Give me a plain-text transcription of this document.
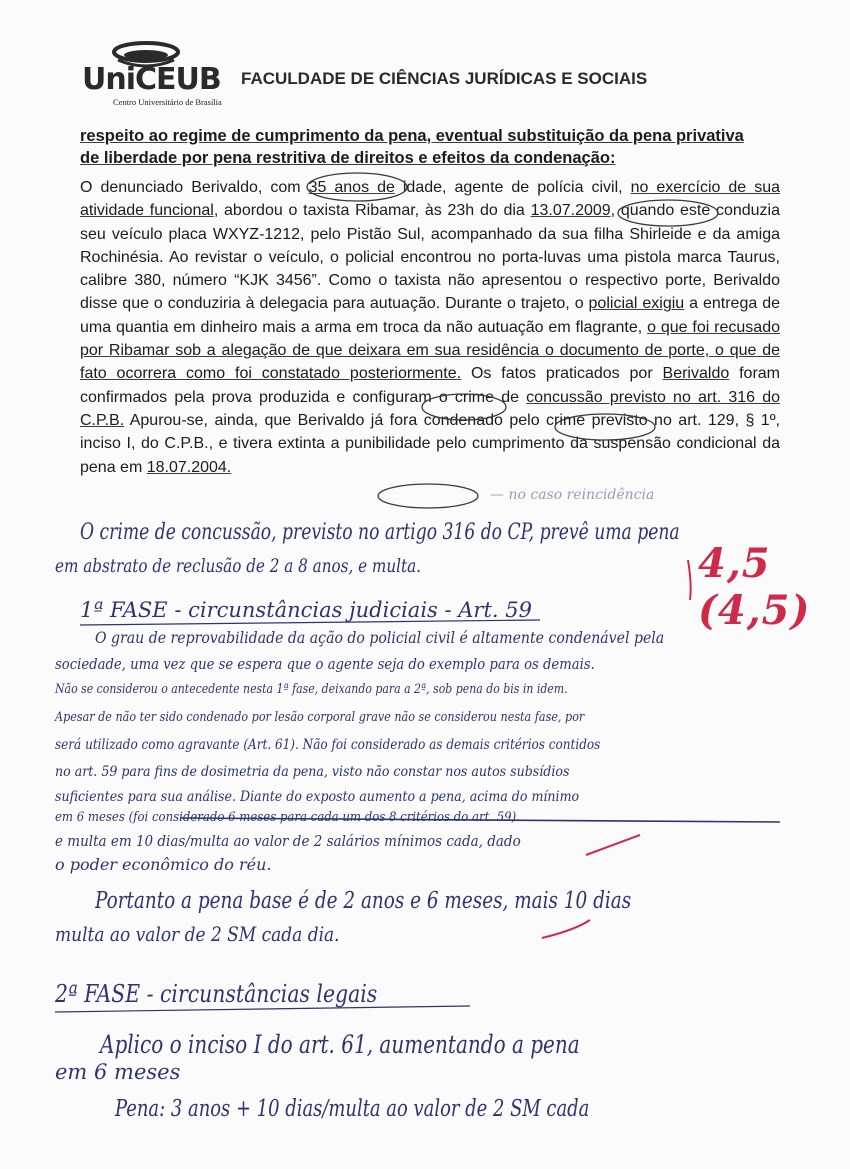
UniCEUB
Centro Universitário de Brasília
FACULDADE DE CIÊNCIAS JURÍDICAS E SOCIAIS
respeito ao regime de cumprimento da pena, eventual substituição da pena privativa
de liberdade por pena restritiva de direitos e efeitos da condenação:
O denunciado Berivaldo, com 35 anos de idade, agente de polícia civil, no exercício de sua atividade funcional, abordou o taxista Ribamar, às 23h do dia 13.07.2009, quando este conduzia seu veículo placa WXYZ-1212, pelo Pistão Sul, acompanhado da sua filha Shirleide e da amiga Rochinésia. Ao revistar o veículo, o policial encontrou no porta-luvas uma pistola marca Taurus, calibre 380, número “KJK 3456”. Como o taxista não apresentou o respectivo porte, Berivaldo disse que o conduziria à delegacia para autuação. Durante o trajeto, o policial exigiu a entrega de uma quantia em dinheiro mais a arma em troca da não autuação em flagrante, o que foi recusado por Ribamar sob a alegação de que deixara em sua residência o documento de porte, o que de fato ocorrera como foi constatado posteriormente. Os fatos praticados por Berivaldo foram confirmados pela prova produzida e configuram o crime de concussão previsto no art. 316 do C.P.B. Apurou-se, ainda, que Berivaldo já fora condenado pelo crime previsto no art. 129, § 1º, inciso I, do C.P.B., e tivera extinta a punibilidade pelo cumprimento da suspensão condicional da pena em 18.07.2004.
— no caso reincidência
O crime de concussão, previsto no artigo 316 do CP, prevê uma pena
em abstrato de reclusão de 2 a 8 anos, e multa.	4,5 (4,5)
1ª FASE - circunstâncias judiciais - Art. 59
O grau de reprovabilidade da ação do policial civil é altamente condenável pela
sociedade, uma vez que se espera que o agente seja do exemplo para os demais.
Não se considerou o antecedente nesta 1ª fase, deixando para a 2ª, sob pena do bis in idem.
Apesar de não ter sido condenado por lesão corporal grave não se considerou nesta fase, por
será utilizado como agravante (Art. 61). Não foi considerado as demais critérios contidos
no art. 59 para fins de dosimetria da pena, visto não constar nos autos subsídios
suficientes para sua análise. Diante do exposto aumento a pena, acima do mínimo
em 6 meses (foi considerado 6 meses para cada um dos 8 critérios do art. 59).
e multa em 10 dias/multa ao valor de 2 salários mínimos cada, dado
o poder econômico do réu.
Portanto a pena base é de 2 anos e 6 meses, mais 10 dias
multa ao valor de 2 SM cada dia.
2ª FASE - circunstâncias legais
Aplico o inciso I do art. 61, aumentando a pena
em 6 meses
Pena: 3 anos + 10 dias/multa ao valor de 2 SM cada
